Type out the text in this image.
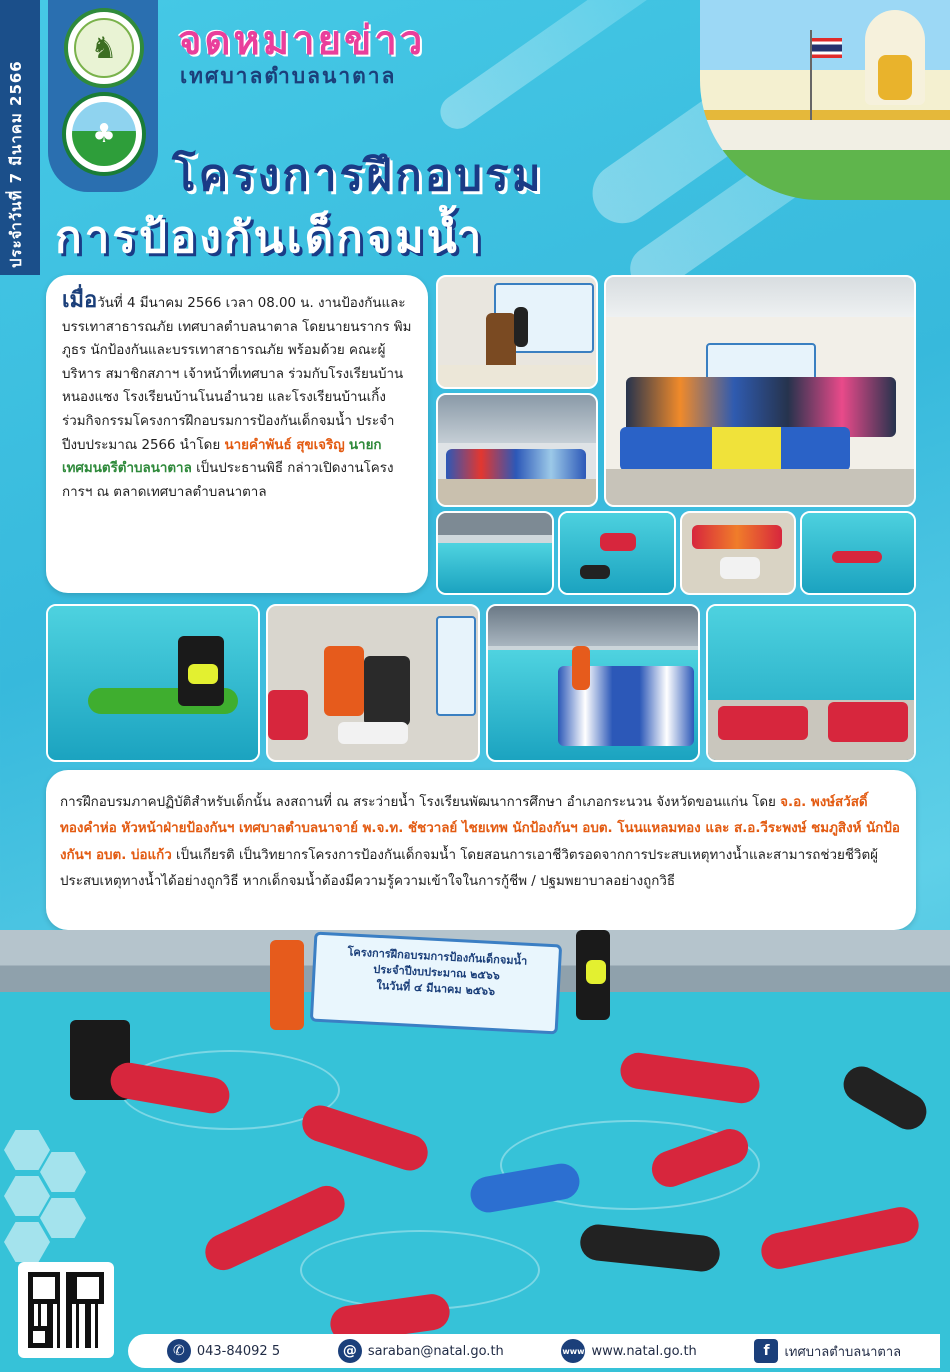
ประจำวันที่ 7 มีนาคม 2566
♞
♣
จดหมายข่าว
เทศบาลตำบลนาตาล
โครงการฝึกอบรม
การป้องกันเด็กจมน้ำ

เมื่อวันที่ 4 มีนาคม 2566 เวลา 08.00 น. งานป้องกันและบรรเทาสาธารณภัย เทศบาลตำบลนาตาล โดยนายนรากร พิมภูธร นักป้องกันและบรรเทาสาธารณภัย พร้อมด้วย คณะผู้บริหาร สมาชิกสภาฯ เจ้าหน้าที่เทศบาล ร่วมกับโรงเรียนบ้านหนองแซง โรงเรียนบ้านโนนอำนวย และโรงเรียนบ้านเกิ้ง ร่วมกิจกรรมโครงการฝึกอบรมการป้องกันเด็กจมน้ำ ประจำปีงบประมาณ 2566 นำโดย นายคำพันธ์ สุขเจริญ นายกเทศมนตรีตำบลนาตาล เป็นประธานพิธี กล่าวเปิดงานโครงการฯ ณ ตลาดเทศบาลตำบลนาตาล

การฝึกอบรมภาคปฏิบัติสำหรับเด็กนั้น ลงสถานที่ ณ สระว่ายน้ำ โรงเรียนพัฒนาการศึกษา อำเภอกระนวน จังหวัดขอนแก่น โดย จ.อ. พงษ์สวัสดิ์ ทองคำห่อ หัวหน้าฝ่ายป้องกันฯ เทศบาลตำบลนาจาย์ พ.จ.ท. ชัชวาลย์ ไชยเทพ นักป้องกันฯ อบต. โนนแหลมทอง และ ส.อ.วีระพงษ์ ชมภูสิงห์ นักป้องกันฯ อบต. บ่อแก้ว เป็นเกียรติ เป็นวิทยากรโครงการป้องกันเด็กจมน้ำ โดยสอนการเอาชีวิตรอดจากการประสบเหตุทางน้ำและสามารถช่วยชีวิตผู้ประสบเหตุทางน้ำได้อย่างถูกวิธี หากเด็กจมน้ำต้องมีความรู้ความเข้าใจในการกู้ชีพ / ปฐมพยาบาลอย่างถูกวิธี

โครงการฝึกอบรมการป้องกันเด็กจมน้ำ
ประจำปีงบประมาณ ๒๕๖๖
ในวันที่ ๔ มีนาคม ๒๕๖๖
✆ 043-84092 5	@ saraban@natal.go.th	www www.natal.go.th	f	เทศบาลตำบลนาตาล
